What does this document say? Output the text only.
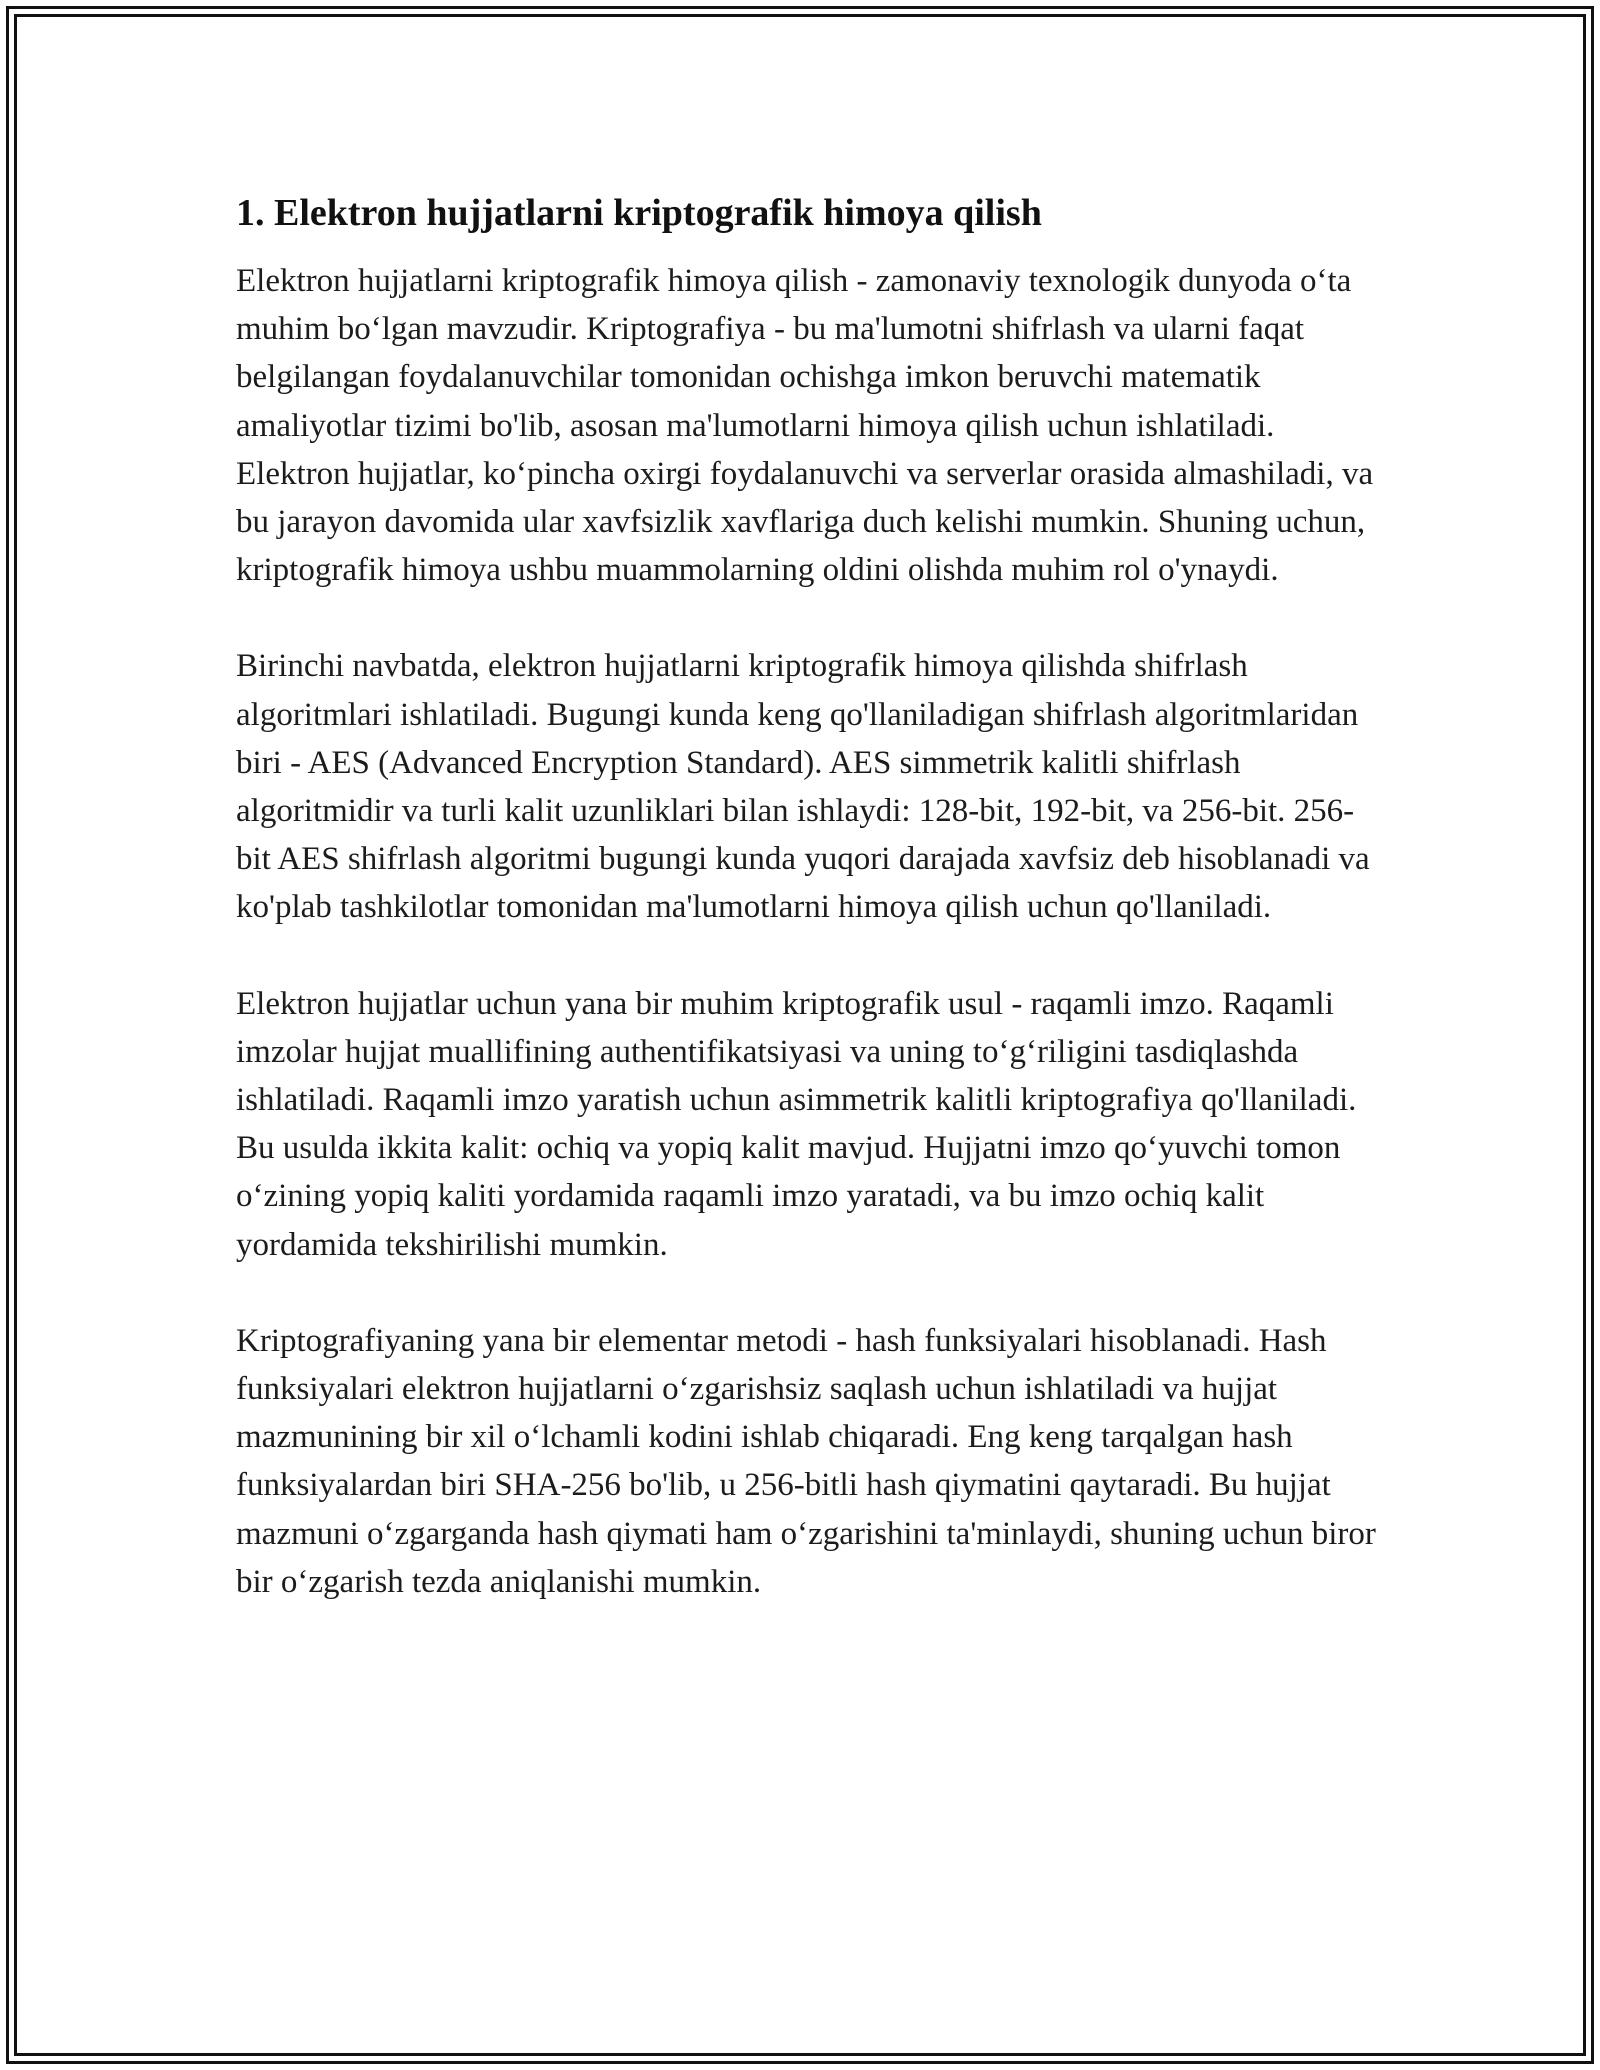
1. Elektron hujjatlarni kriptografik himoya qilish

Elektron hujjatlarni kriptografik himoya qilish - zamonaviy texnologik dunyoda o‘ta muhim bo‘lgan mavzudir. Kriptografiya - bu ma'lumotni shifrlash va ularni faqat belgilangan foydalanuvchilar tomonidan ochishga imkon beruvchi matematik amaliyotlar tizimi bo'lib, asosan ma'lumotlarni himoya qilish uchun ishlatiladi. Elektron hujjatlar, ko‘pincha oxirgi foydalanuvchi va serverlar orasida almashiladi, va bu jarayon davomida ular xavfsizlik xavflariga duch kelishi mumkin. Shuning uchun, kriptografik himoya ushbu muammolarning oldini olishda muhim rol o'ynaydi.

Birinchi navbatda, elektron hujjatlarni kriptografik himoya qilishda shifrlash algoritmlari ishlatiladi. Bugungi kunda keng qo'llaniladigan shifrlash algoritmlaridan biri - AES (Advanced Encryption Standard). AES simmetrik kalitli shifrlash algoritmidir va turli kalit uzunliklari bilan ishlaydi: 128-bit, 192-bit, va 256-bit. 256-bit AES shifrlash algoritmi bugungi kunda yuqori darajada xavfsiz deb hisoblanadi va ko'plab tashkilotlar tomonidan ma'lumotlarni himoya qilish uchun qo'llaniladi.

Elektron hujjatlar uchun yana bir muhim kriptografik usul - raqamli imzo. Raqamli imzolar hujjat muallifining authentifikatsiyasi va uning to‘g‘riligini tasdiqlashda ishlatiladi. Raqamli imzo yaratish uchun asimmetrik kalitli kriptografiya qo'llaniladi. Bu usulda ikkita kalit: ochiq va yopiq kalit mavjud. Hujjatni imzo qo‘yuvchi tomon o‘zining yopiq kaliti yordamida raqamli imzo yaratadi, va bu imzo ochiq kalit yordamida tekshirilishi mumkin.

Kriptografiyaning yana bir elementar metodi - hash funksiyalari hisoblanadi. Hash funksiyalari elektron hujjatlarni o‘zgarishsiz saqlash uchun ishlatiladi va hujjat mazmunining bir xil o‘lchamli kodini ishlab chiqaradi. Eng keng tarqalgan hash funksiyalardan biri SHA-256 bo'lib, u 256-bitli hash qiymatini qaytaradi. Bu hujjat mazmuni o‘zgarganda hash qiymati ham o‘zgarishini ta'minlaydi, shuning uchun biror bir o‘zgarish tezda aniqlanishi mumkin.
